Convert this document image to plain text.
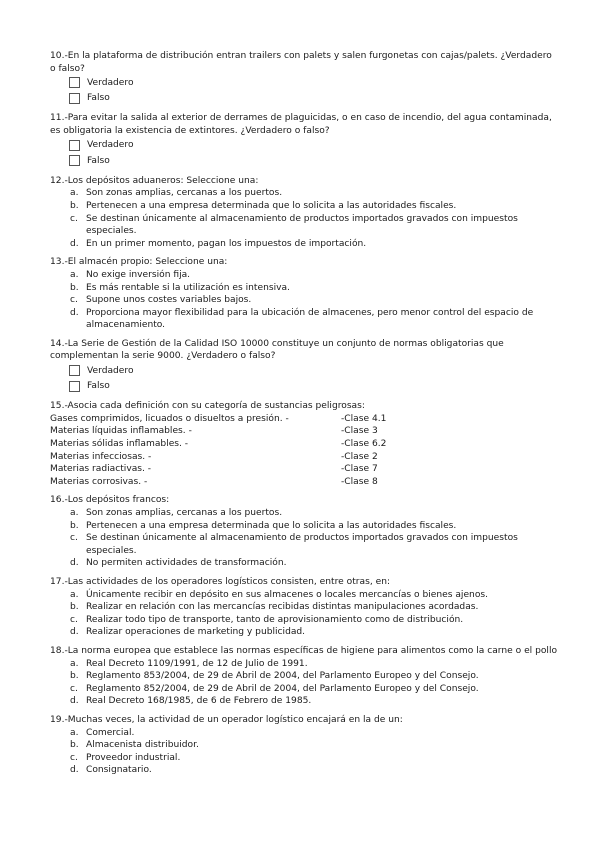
10.-En la plataforma de distribución entran trailers con palets y salen furgonetas con cajas/palets. ¿Verdadero o falso?
Verdadero
Falso
11.-Para evitar la salida al exterior de derrames de plaguicidas, o en caso de incendio, del agua contaminada, es obligatoria la existencia de extintores. ¿Verdadero o falso?
Verdadero
Falso
12.-Los depósitos aduaneros: Seleccione una:
a. Son zonas amplias, cercanas a los puertos.
b. Pertenecen a una empresa determinada que lo solicita a las autoridades fiscales.
c. Se destinan únicamente al almacenamiento de productos importados gravados con impuestos especiales.
d. En un primer momento, pagan los impuestos de importación.
13.-El almacén propio: Seleccione una:
a. No exige inversión fija.
b. Es más rentable si la utilización es intensiva.
c. Supone unos costes variables bajos.
d. Proporciona mayor flexibilidad para la ubicación de almacenes, pero menor control del espacio de almacenamiento.
14.-La Serie de Gestión de la Calidad ISO 10000 constituye un conjunto de normas obligatorias que complementan la serie 9000. ¿Verdadero o falso?
Verdadero
Falso
15.-Asocia cada definición con su categoría de sustancias peligrosas:
Gases comprimidos, licuados o disueltos a presión. -	-Clase 4.1
Materias líquidas inflamables. -	-Clase 3
Materias sólidas inflamables. -	-Clase 6.2
Materias infecciosas. -	-Clase 2
Materias radiactivas. -	-Clase 7
Materias corrosivas. -	-Clase 8
16.-Los depósitos francos:
a. Son zonas amplias, cercanas a los puertos.
b. Pertenecen a una empresa determinada que lo solicita a las autoridades fiscales.
c. Se destinan únicamente al almacenamiento de productos importados gravados con impuestos especiales.
d. No permiten actividades de transformación.
17.-Las actividades de los operadores logísticos consisten, entre otras, en:
a. Únicamente recibir en depósito en sus almacenes o locales mercancías o bienes ajenos.
b. Realizar en relación con las mercancías recibidas distintas manipulaciones acordadas.
c. Realizar todo tipo de transporte, tanto de aprovisionamiento como de distribución.
d. Realizar operaciones de marketing y publicidad.
18.-La norma europea que establece las normas específicas de higiene para alimentos como la carne o el pollo
a. Real Decreto 1109/1991, de 12 de Julio de 1991.
b. Reglamento 853/2004, de 29 de Abril de 2004, del Parlamento Europeo y del Consejo.
c. Reglamento 852/2004, de 29 de Abril de 2004, del Parlamento Europeo y del Consejo.
d. Real Decreto 168/1985, de 6 de Febrero de 1985.
19.-Muchas veces, la actividad de un operador logístico encajará en la de un:
a. Comercial.
b. Almacenista distribuidor.
c. Proveedor industrial.
d. Consignatario.
